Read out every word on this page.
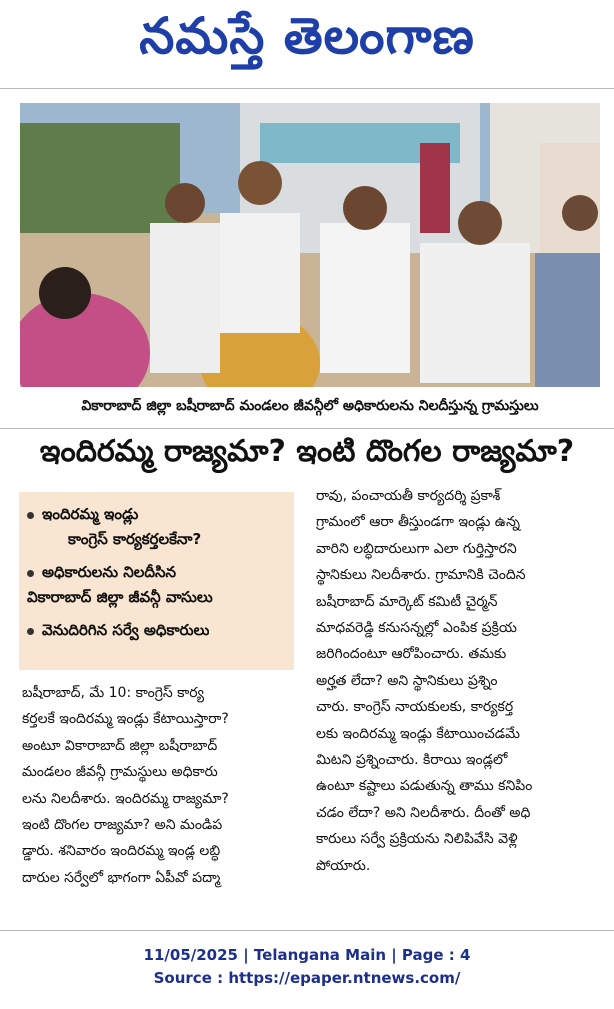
నమస్తే తెలంగాణ
వికారాబాద్ జిల్లా బషీరాబాద్ మండలం జీవన్గీలో అధికారులను నిలదీస్తున్న గ్రామస్తులు
ఇందిరమ్మ రాజ్యమా? ఇంటి దొంగల రాజ్యమా?
ఇందిరమ్మ ఇండ్లు
కాంగ్రెస్ కార్యకర్తలకేనా?
అధికారులను నిలదీసిన
వికారాబాద్ జిల్లా జీవన్గీ వాసులు
వెనుదిరిగిన సర్వే అధికారులు
బషీరాబాద్, మే 10: కాంగ్రెస్ కార్య
కర్తలకే ఇందిరమ్మ ఇండ్లు కేటాయిస్తారా?
అంటూ వికారాబాద్ జిల్లా బషీరాబాద్
మండలం జీవన్గీ గ్రామస్థులు అధికారు
లను నిలదీశారు. ఇందిరమ్మ రాజ్యమా?
ఇంటి దొంగల రాజ్యమా? అని మండిప
డ్డారు. శనివారం ఇందిరమ్మ ఇండ్ల లబ్ధి
దారుల సర్వేలో భాగంగా ఏపీవో పద్మా
రావు, పంచాయతీ కార్యదర్శి ప్రకాశ్
గ్రామంలో ఆరా తీస్తుండగా ఇండ్లు ఉన్న
వారిని లబ్ధిదారులుగా ఎలా గుర్తిస్తారని
స్థానికులు నిలదీశారు. గ్రామానికి చెందిన
బషీరాబాద్ మార్కెట్ కమిటీ చైర్మన్
మాధవరెడ్డి కనుసన్నల్లో ఎంపిక ప్రక్రియ
జరిగిందంటూ ఆరోపించారు. తమకు
అర్హత లేదా? అని స్థానికులు ప్రశ్నిం
చారు. కాంగ్రెస్ నాయకులకు, కార్యకర్త
లకు ఇందిరమ్మ ఇండ్లు కేటాయించడమే
మిటని ప్రశ్నించారు. కిరాయి ఇండ్లలో
ఉంటూ కష్టాలు పడుతున్న తాము కనిపిం
చడం లేదా? అని నిలదీశారు. దీంతో అధి
కారులు సర్వే ప్రక్రియను నిలిపివేసి వెళ్లి
పోయారు.
11/05/2025 | Telangana Main | Page : 4
Source : https://epaper.ntnews.com/
